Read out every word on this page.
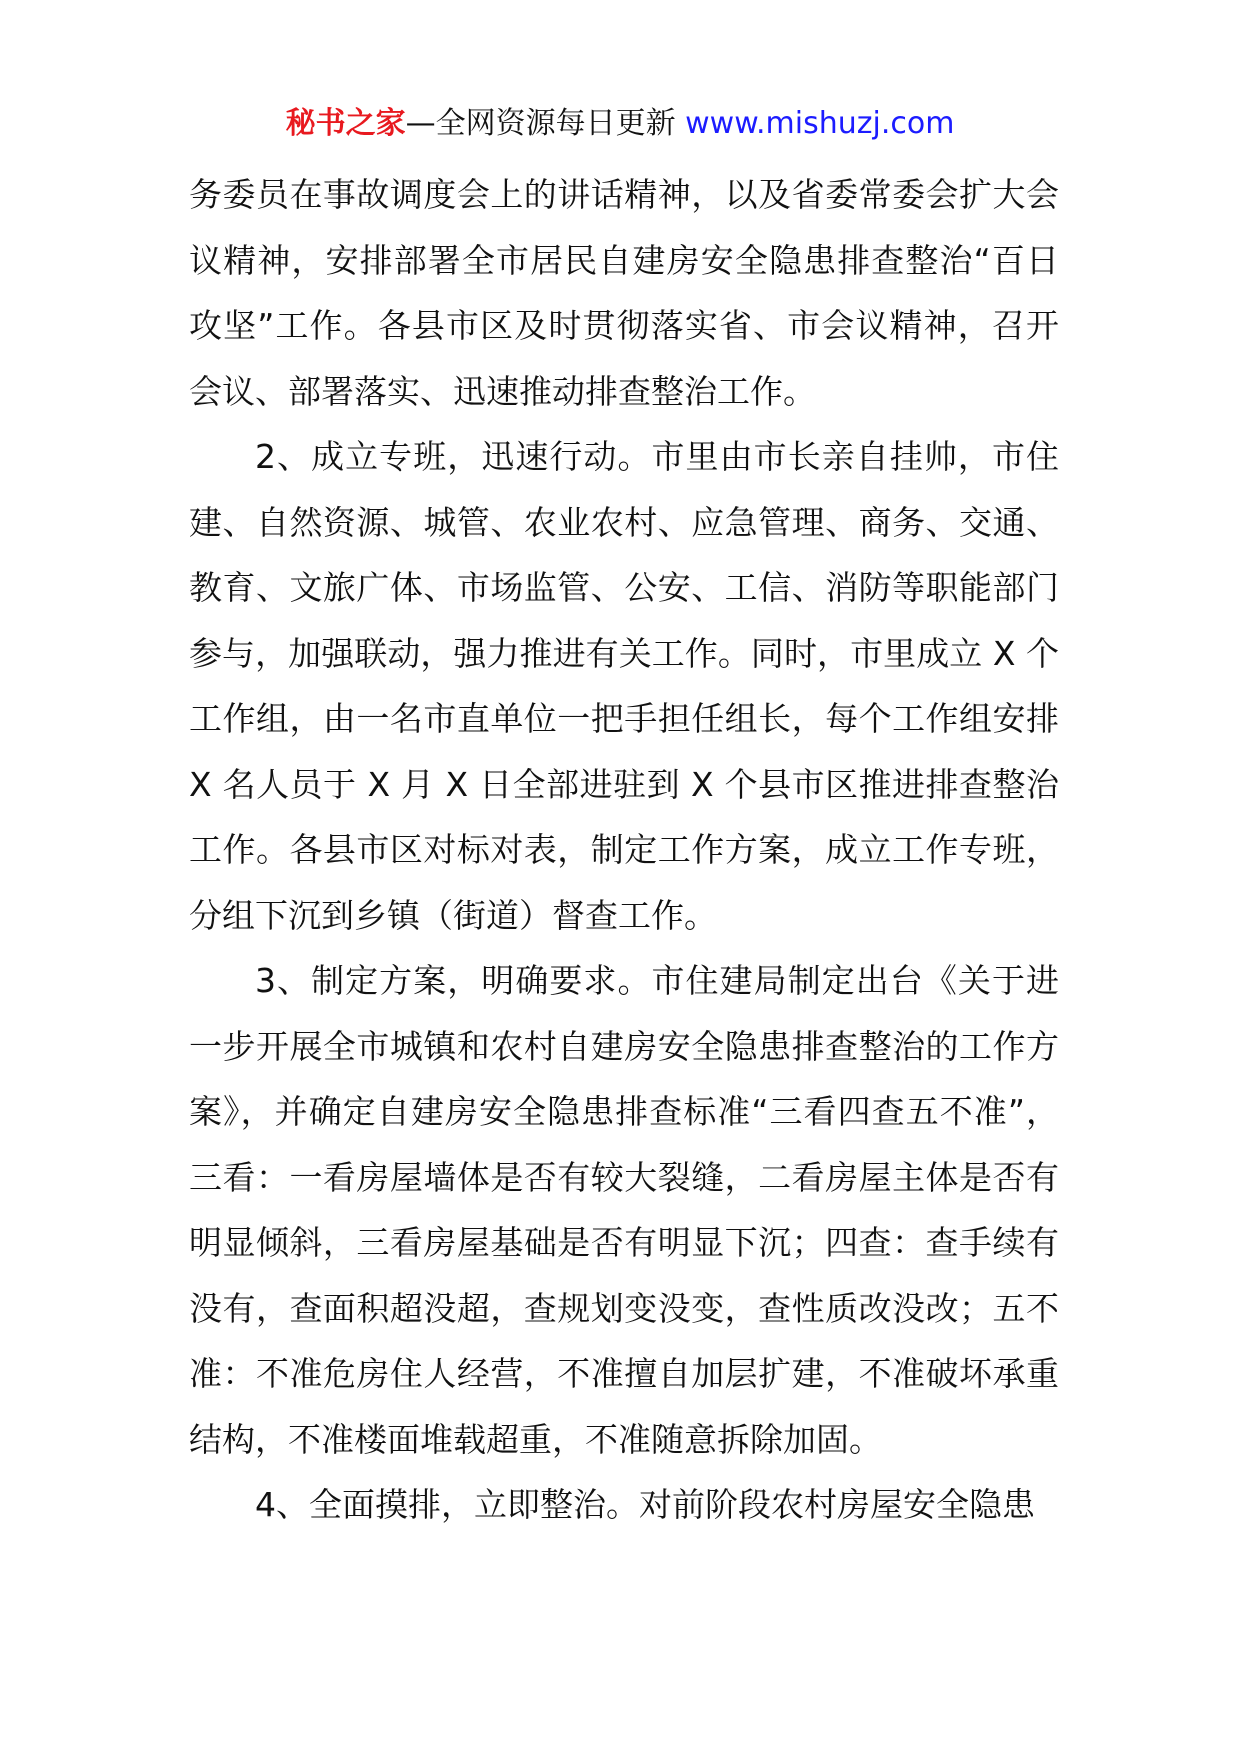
秘书之家—全网资源每日更新 www.mishuzj.com

务委员在事故调度会上的讲话精神，以及省委常委会扩大会议精神，安排部署全市居民自建房安全隐患排查整治“百日攻坚”工作。各县市区及时贯彻落实省、市会议精神，召开会议、部署落实、迅速推动排查整治工作。

2、成立专班，迅速行动。市里由市长亲自挂帅，市住建、自然资源、城管、农业农村、应急管理、商务、交通、教育、文旅广体、市场监管、公安、工信、消防等职能部门参与，加强联动，强力推进有关工作。同时，市里成立 X 个工作组，由一名市直单位一把手担任组长，每个工作组安排 X 名人员于 X 月 X 日全部进驻到 X 个县市区推进排查整治工作。各县市区对标对表，制定工作方案，成立工作专班，分组下沉到乡镇（街道）督查工作。

3、制定方案，明确要求。市住建局制定出台《关于进一步开展全市城镇和农村自建房安全隐患排查整治的工作方案》，并确定自建房安全隐患排查标准“三看四查五不准”，三看：一看房屋墙体是否有较大裂缝，二看房屋主体是否有明显倾斜，三看房屋基础是否有明显下沉；四查：查手续有没有，查面积超没超，查规划变没变，查性质改没改；五不准：不准危房住人经营，不准擅自加层扩建，不准破坏承重结构，不准楼面堆载超重，不准随意拆除加固。

4、全面摸排，立即整治。对前阶段农村房屋安全隐患
